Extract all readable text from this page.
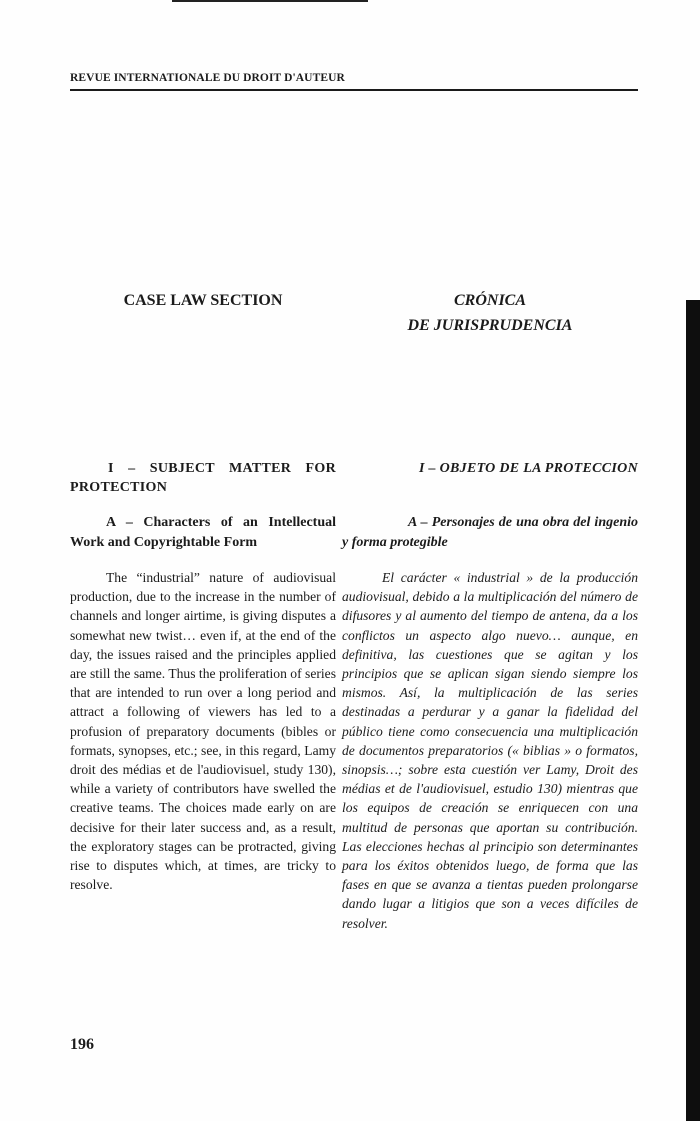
REVUE INTERNATIONALE DU DROIT D'AUTEUR
CASE LAW SECTION	CRÓNICA
DE JURISPRUDENCIA
I – SUBJECT MATTER FOR PROTECTION
I – OBJETO DE LA PROTECCION
A – Characters of an Intellectual Work and Copyrightable Form
A – Personajes de una obra del ingenio y forma protegible

The “industrial” nature of audiovisual production, due to the increase in the number of channels and longer airtime, is giving disputes a somewhat new twist… even if, at the end of the day, the issues raised and the principles applied are still the same. Thus the proliferation of series that are intended to run over a long period and attract a following of viewers has led to a profusion of preparatory documents (bibles or formats, synopses, etc.; see, in this regard, Lamy droit des médias et de l'audiovisuel, study 130), while a variety of contributors have swelled the creative teams. The choices made early on are decisive for their later success and, as a result, the exploratory stages can be protracted, giving rise to disputes which, at times, are tricky to resolve.

El carácter « industrial » de la producción audiovisual, debido a la multiplicación del número de difusores y al aumento del tiempo de antena, da a los conflictos un aspecto algo nuevo… aunque, en definitiva, las cuestiones que se agitan y los principios que se aplican sigan siendo siempre los mismos. Así, la multiplicación de las series destinadas a perdurar y a ganar la fidelidad del público tiene como consecuencia una multiplicación de documentos preparatorios (« biblias » o formatos, sinopsis…; sobre esta cuestión ver Lamy, Droit des médias et de l'audiovisuel, estudio 130) mientras que los equipos de creación se enriquecen con una multitud de personas que aportan su contribución. Las elecciones hechas al principio son determinantes para los éxitos obtenidos luego, de forma que las fases en que se avanza a tientas pueden prolongarse dando lugar a litigios que son a veces difíciles de resolver.

196
